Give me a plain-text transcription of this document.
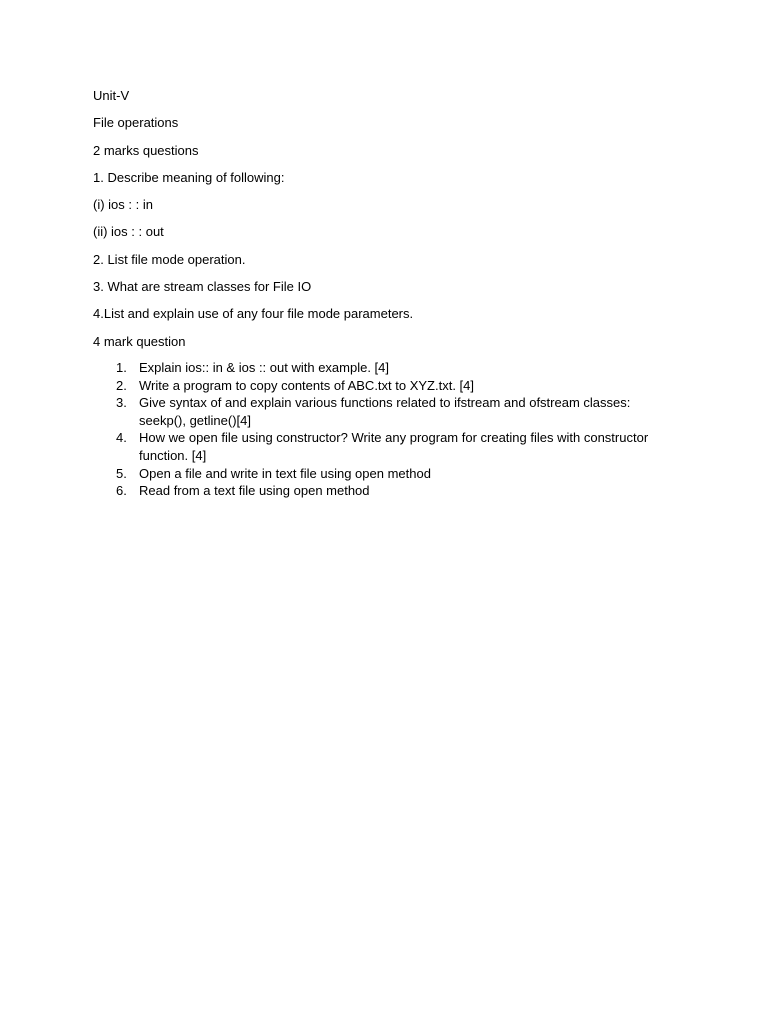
Unit-V

File operations

2 marks questions

1. Describe meaning of following:

(i) ios : : in

(ii) ios : : out

2. List file mode operation.

3. What are stream classes for File IO

4.List and explain use of any four file mode parameters.

4 mark question

1. Explain ios:: in & ios :: out with example. [4]
2. Write a program to copy contents of ABC.txt to XYZ.txt. [4]
3. Give syntax of and explain various functions related to ifstream and ofstream classes: seekp(), getline()[4]
4. How we open file using constructor? Write any program for creating files with constructor function. [4]
5. Open a file and write in text file using open method
6. Read from a text file using open method
